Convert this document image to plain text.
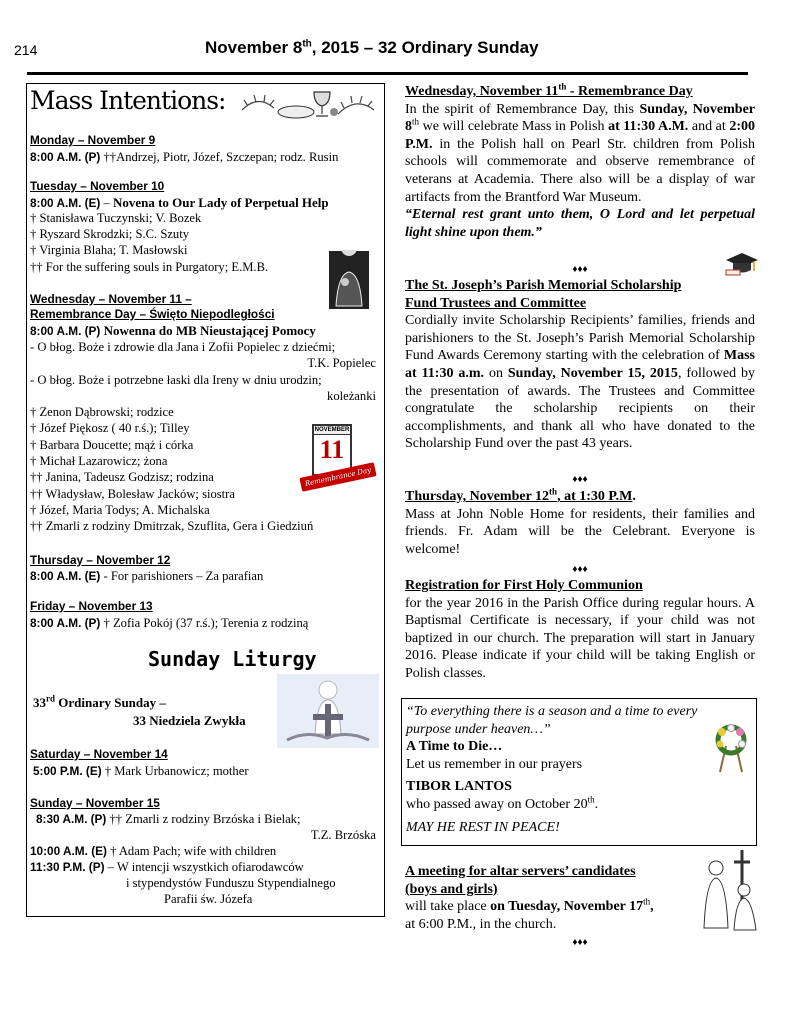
214	November 8th, 2015 – 32 Ordinary Sunday
Mass Intentions:
Monday – November 9
8:00 A.M. (P) ††Andrzej, Piotr, Józef, Szczepan; rodz. Rusin
Tuesday – November 10
8:00 A.M. (E) – Novena to Our Lady of Perpetual Help
† Stanisława Tuczynski; V. Bozek
† Ryszard Skrodzki; S.C. Szuty
† Virginia Blaha; T. Masłowski
†† For the suffering souls in Purgatory; E.M.B.
Wednesday – November 11 –
Remembrance Day – Święto Niepodległości
8:00 A.M. (P) Nowenna do MB Nieustającej Pomocy
- O błog. Boże i zdrowie dla Jana i Zofii Popielec z dziećmi;
T.K. Popielec
- O błog. Boże i potrzebne łaski dla Ireny w dniu urodzin;
koleżanki
† Zenon Dąbrowski; rodzice
† Józef Piękosz ( 40 r.ś.); Tilley
† Barbara Doucette; mąż i córka
† Michał Lazarowicz; żona
†† Janina, Tadeusz Godzisz; rodzina
†† Władysław, Bolesław Jacków; siostra
† Józef, Maria Todys; A. Michalska
†† Zmarli z rodziny Dmitrzak, Szuflita, Gera i Giedziuń
NOVEMBER
11
Remembrance Day
Thursday – November 12
8:00 A.M. (E) - For parishioners – Za parafian
Friday – November 13
8:00 A.M. (P) † Zofia Pokój (37 r.ś.); Terenia z rodziną
Sunday Liturgy
33rd Ordinary Sunday –
33 Niedziela Zwykła
Saturday – November 14
5:00 P.M. (E) † Mark Urbanowicz; mother
Sunday – November 15
8:30 A.M. (P) †† Zmarli z rodziny Brzóska i Bielak;
T.Z. Brzóska
10:00 A.M. (E) † Adam Pach; wife with children
11:30 P.M. (P) – W intencji wszystkich ofiarodawców
i stypendystów Funduszu Stypendialnego
Parafii św. Józefa
Wednesday, November 11th - Remembrance Day

In the spirit of Remembrance Day, this Sunday, November 8th we will celebrate Mass in Polish at 11:30 A.M. and at 2:00 P.M. in the Polish hall on Pearl Str. children from Polish schools will commemorate and observe remembrance of veterans at Academia. There also will be a display of war artifacts from the Brantford War Museum.

“Eternal rest grant unto them, O Lord and let perpetual light shine upon them.”

♦♦♦
The St. Joseph’s Parish Memorial Scholarship
Fund Trustees and Committee

Cordially invite Scholarship Recipients’ families, friends and parishioners to the St. Joseph’s Parish Memorial Scholarship Fund Awards Ceremony starting with the celebration of Mass at 11:30 a.m. on Sunday, November 15, 2015, followed by the presentation of awards. The Trustees and Committee congratulate the scholarship recipients on their accomplishments, and thank all who have donated to the Scholarship Fund over the past 43 years.

♦♦♦
Thursday, November 12th, at 1:30 P.M.

Mass at John Noble Home for residents, their families and friends. Fr. Adam will be the Celebrant. Everyone is welcome!

♦♦♦
Registration for First Holy Communion

for the year 2016 in the Parish Office during regular hours. A Baptismal Certificate is necessary, if your child was not baptized in our church. The preparation will start in January 2016. Please indicate if your child will be taking English or Polish classes.

“To everything there is a season and a time to every purpose under heaven…”

A Time to Die…
Let us remember in our prayers
TIBOR LANTOS
who passed away on October 20th.
MAY HE REST IN PEACE!
A meeting for altar servers’ candidates
(boys and girls)
will take place on Tuesday, November 17th,
at 6:00 P.M., in the church.
♦♦♦
